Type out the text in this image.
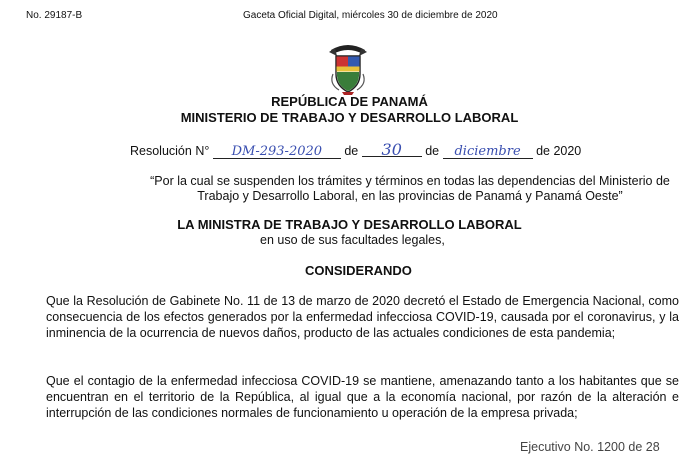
No. 29187-B	Gaceta Oficial Digital, miércoles 30 de diciembre de 2020
REPÚBLICA DE PANAMÁ
MINISTERIO DE TRABAJO Y DESARROLLO LABORAL
Resolución N° DM-293-2020 de 30 de diciembre de 2020
“Por la cual se suspenden los trámites y términos en todas las dependencias del Ministerio de Trabajo y Desarrollo Laboral, en las provincias de Panamá y Panamá Oeste”
LA MINISTRA DE TRABAJO Y DESARROLLO LABORAL
en uso de sus facultades legales,
CONSIDERANDO
Que la Resolución de Gabinete No. 11 de 13 de marzo de 2020 decretó el Estado de Emergencia Nacional, como consecuencia de los efectos generados por la enfermedad infecciosa COVID-19, causada por el coronavirus, y la inminencia de la ocurrencia de nuevos daños, producto de las actuales condiciones de esta pandemia;
Que el contagio de la enfermedad infecciosa COVID-19 se mantiene, amenazando tanto a los habitantes que se encuentran en el territorio de la República, al igual que a la economía nacional, por razón de la alteración e interrupción de las condiciones normales de funcionamiento u operación de la empresa privada;
Ejecutivo No. 1200 de 28
